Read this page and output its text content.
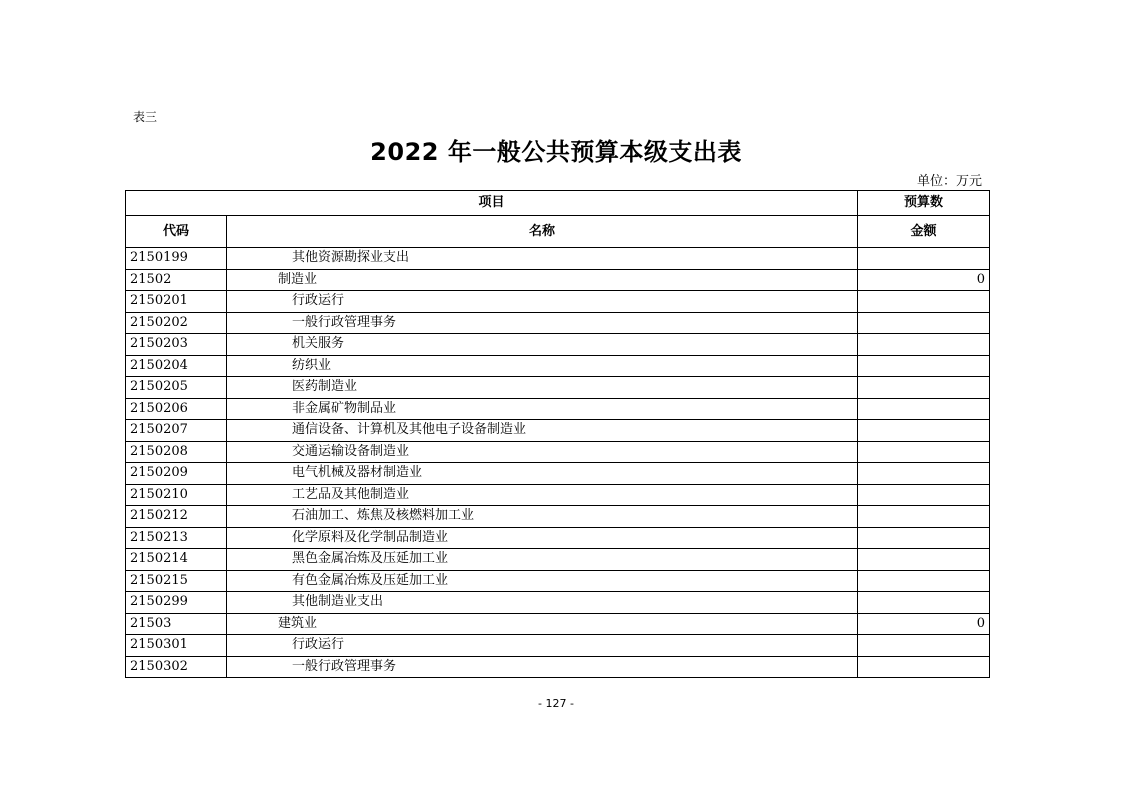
表三
2022 年一般公共预算本级支出表
单位：万元
项目		预算数
代码	名称	金额
2150199	其他资源勘探业支出	
21502	制造业	0
2150201	行政运行	
2150202	一般行政管理事务	
2150203	机关服务	
2150204	纺织业	
2150205	医药制造业	
2150206	非金属矿物制品业	
2150207	通信设备、计算机及其他电子设备制造业	
2150208	交通运输设备制造业	
2150209	电气机械及器材制造业	
2150210	工艺品及其他制造业	
2150212	石油加工、炼焦及核燃料加工业	
2150213	化学原料及化学制品制造业	
2150214	黑色金属冶炼及压延加工业	
2150215	有色金属冶炼及压延加工业	
2150299	其他制造业支出	
21503	建筑业	0
2150301	行政运行	
2150302	一般行政管理事务	
- 127 -
